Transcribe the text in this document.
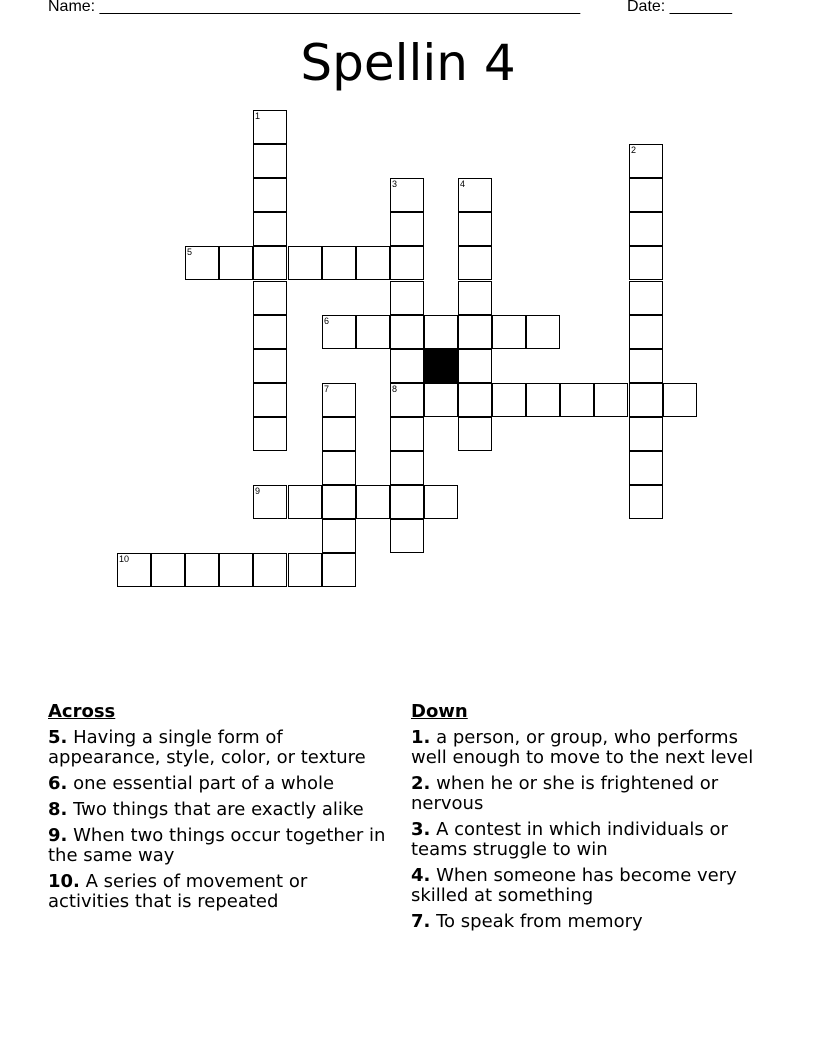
Name: ______________________________________________________	Date: _______
Spellin 4
1
2
3	4
5
6
7	8
9
10
Across
5. Having a single form of appearance, style, color, or texture
6. one essential part of a whole
8. Two things that are exactly alike
9. When two things occur together in the same way
10. A series of movement or activities that is repeated
Down
1. a person, or group, who performs well enough to move to the next level
2. when he or she is frightened or nervous
3. A contest in which individuals or teams struggle to win
4. When someone has become very skilled at something
7. To speak from memory
